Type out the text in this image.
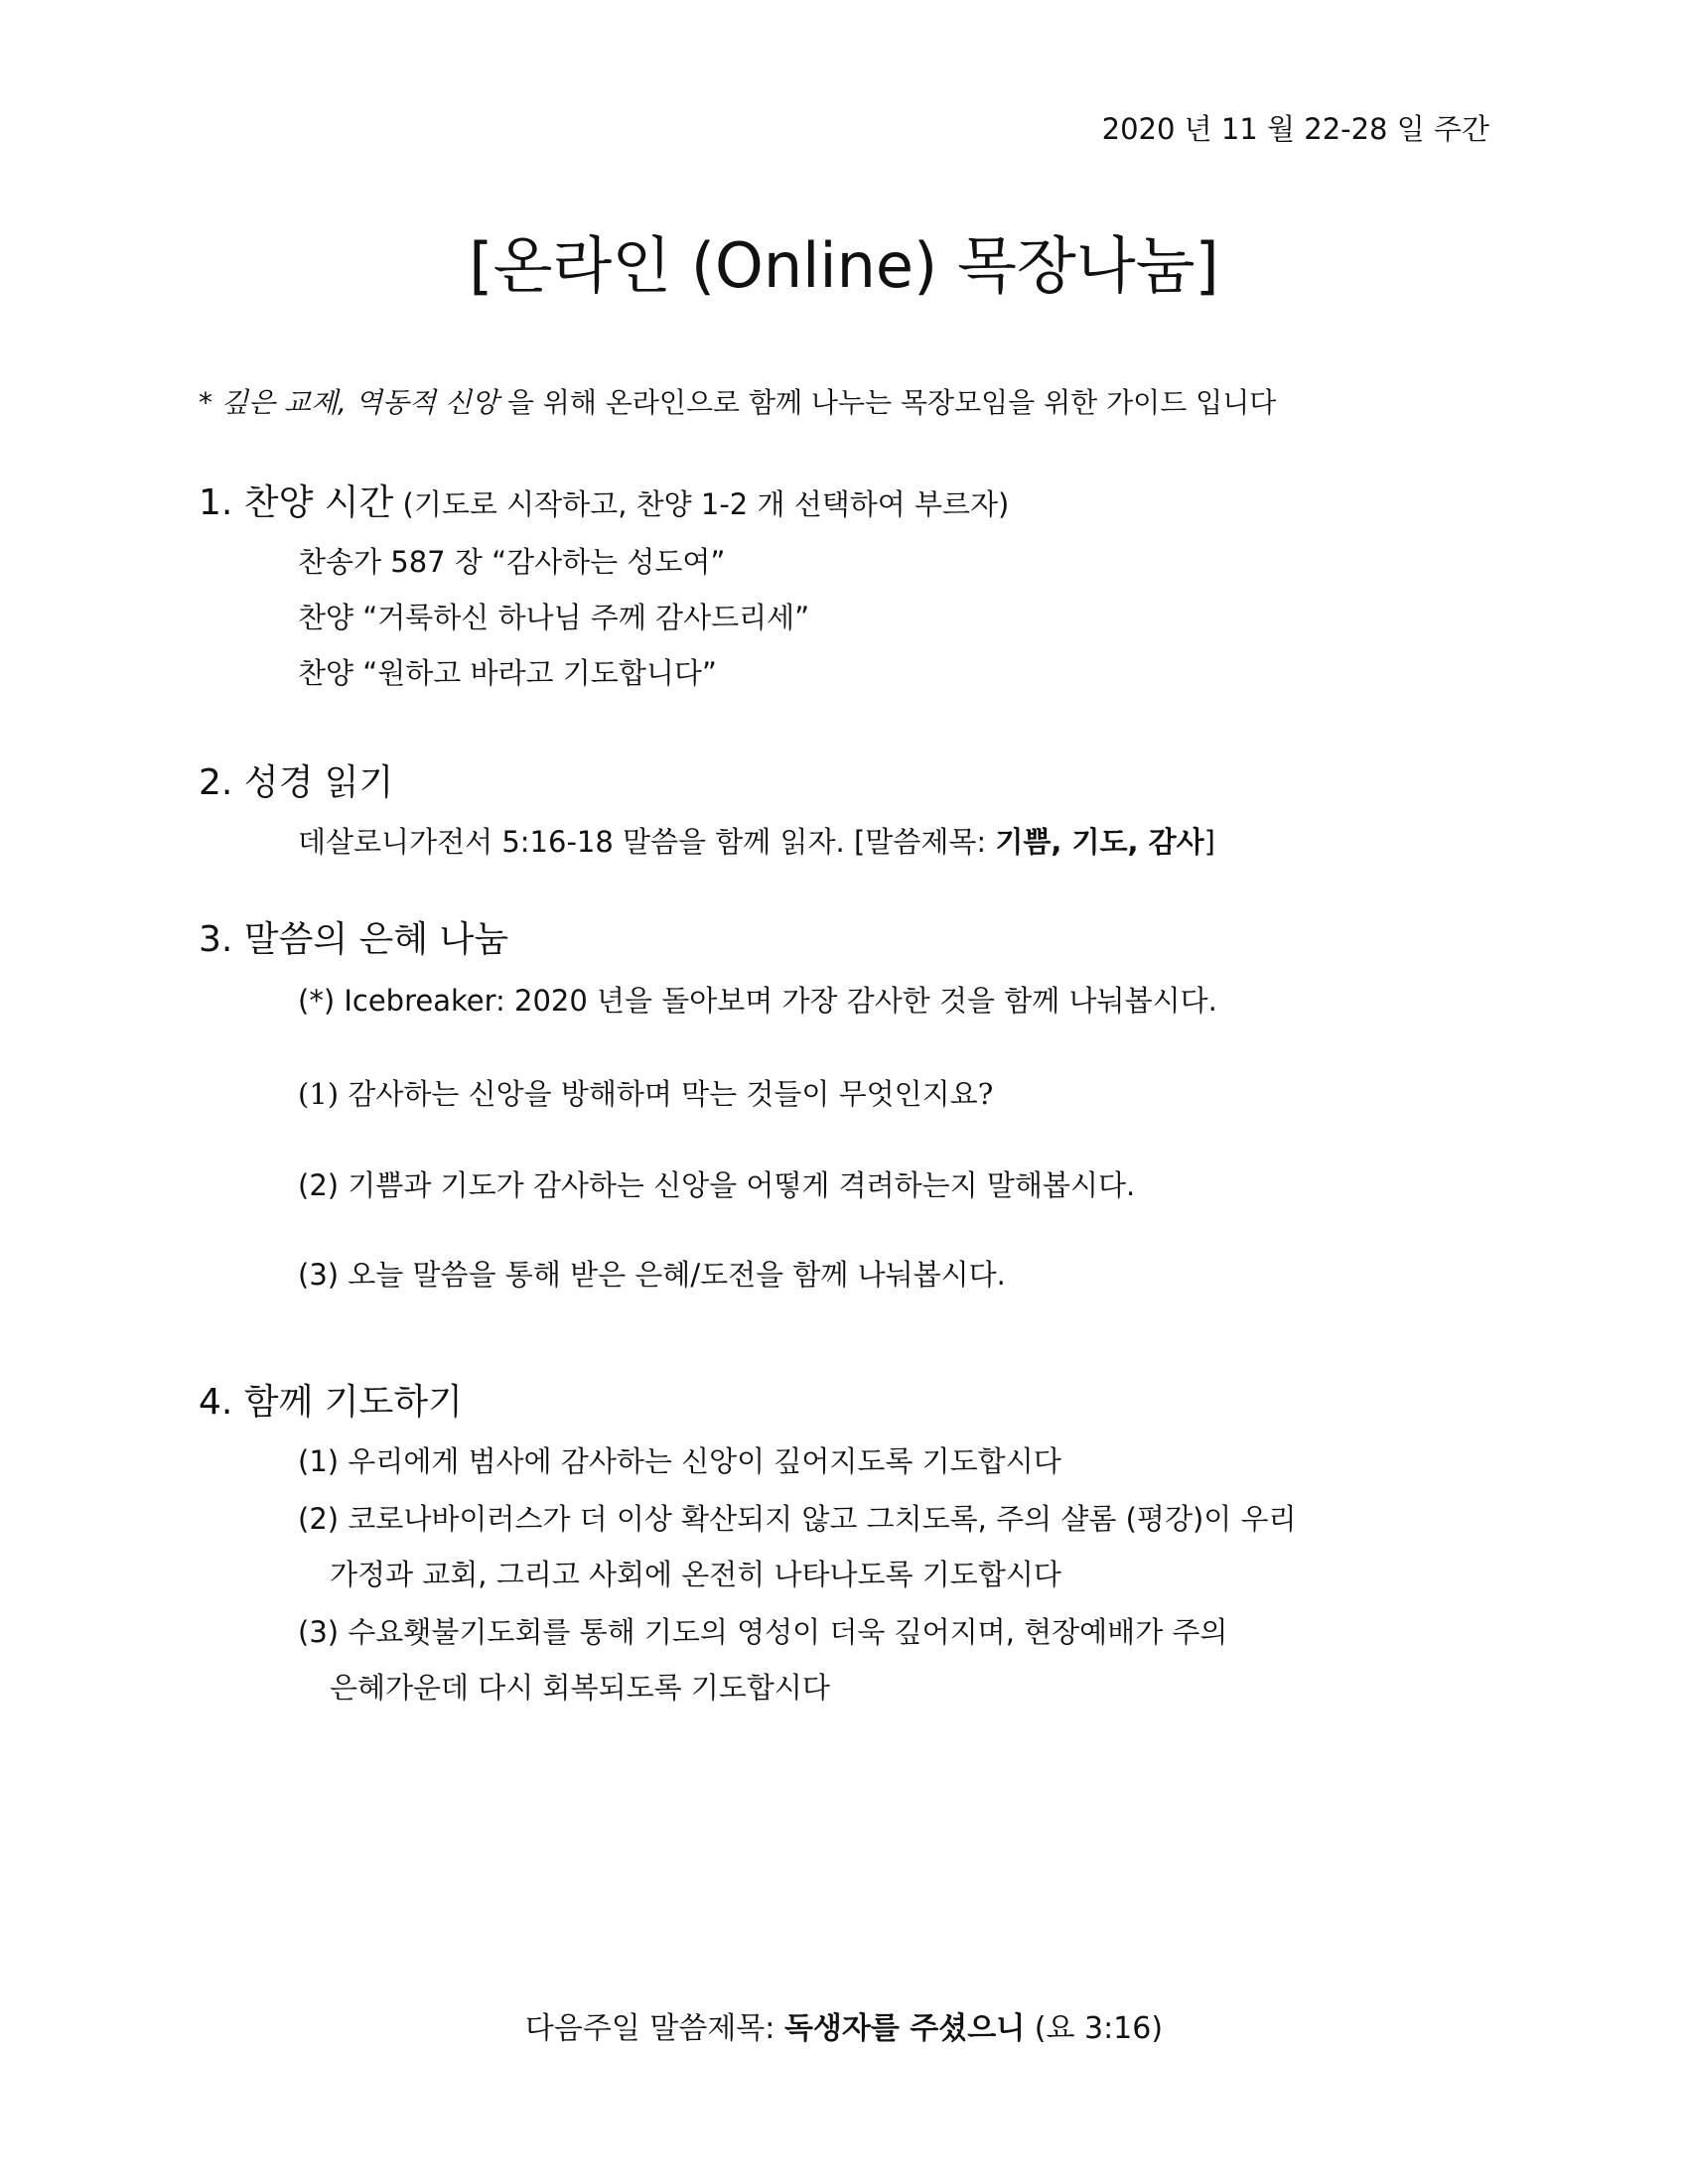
2020 년 11 월 22-28 일 주간
[온라인 (Online) 목장나눔]
* 깊은 교제, 역동적 신앙 을 위해 온라인으로 함께 나누는 목장모임을 위한 가이드 입니다
1. 찬양 시간 (기도로 시작하고, 찬양 1-2 개 선택하여 부르자)
찬송가 587 장 “감사하는 성도여”
찬양 “거룩하신 하나님 주께 감사드리세”
찬양 “원하고 바라고 기도합니다”
2. 성경 읽기
데살로니가전서 5:16-18 말씀을 함께 읽자. [말씀제목: 기쁨, 기도, 감사]
3. 말씀의 은혜 나눔
(*) Icebreaker: 2020 년을 돌아보며 가장 감사한 것을 함께 나눠봅시다.
(1) 감사하는 신앙을 방해하며 막는 것들이 무엇인지요?
(2) 기쁨과 기도가 감사하는 신앙을 어떻게 격려하는지 말해봅시다.
(3) 오늘 말씀을 통해 받은 은혜/도전을 함께 나눠봅시다.
4. 함께 기도하기
(1) 우리에게 범사에 감사하는 신앙이 깊어지도록 기도합시다
(2) 코로나바이러스가 더 이상 확산되지 않고 그치도록, 주의 샬롬 (평강)이 우리
가정과 교회, 그리고 사회에 온전히 나타나도록 기도합시다
(3) 수요횃불기도회를 통해 기도의 영성이 더욱 깊어지며, 현장예배가 주의
은혜가운데 다시 회복되도록 기도합시다
다음주일 말씀제목: 독생자를 주셨으니 (요 3:16)
